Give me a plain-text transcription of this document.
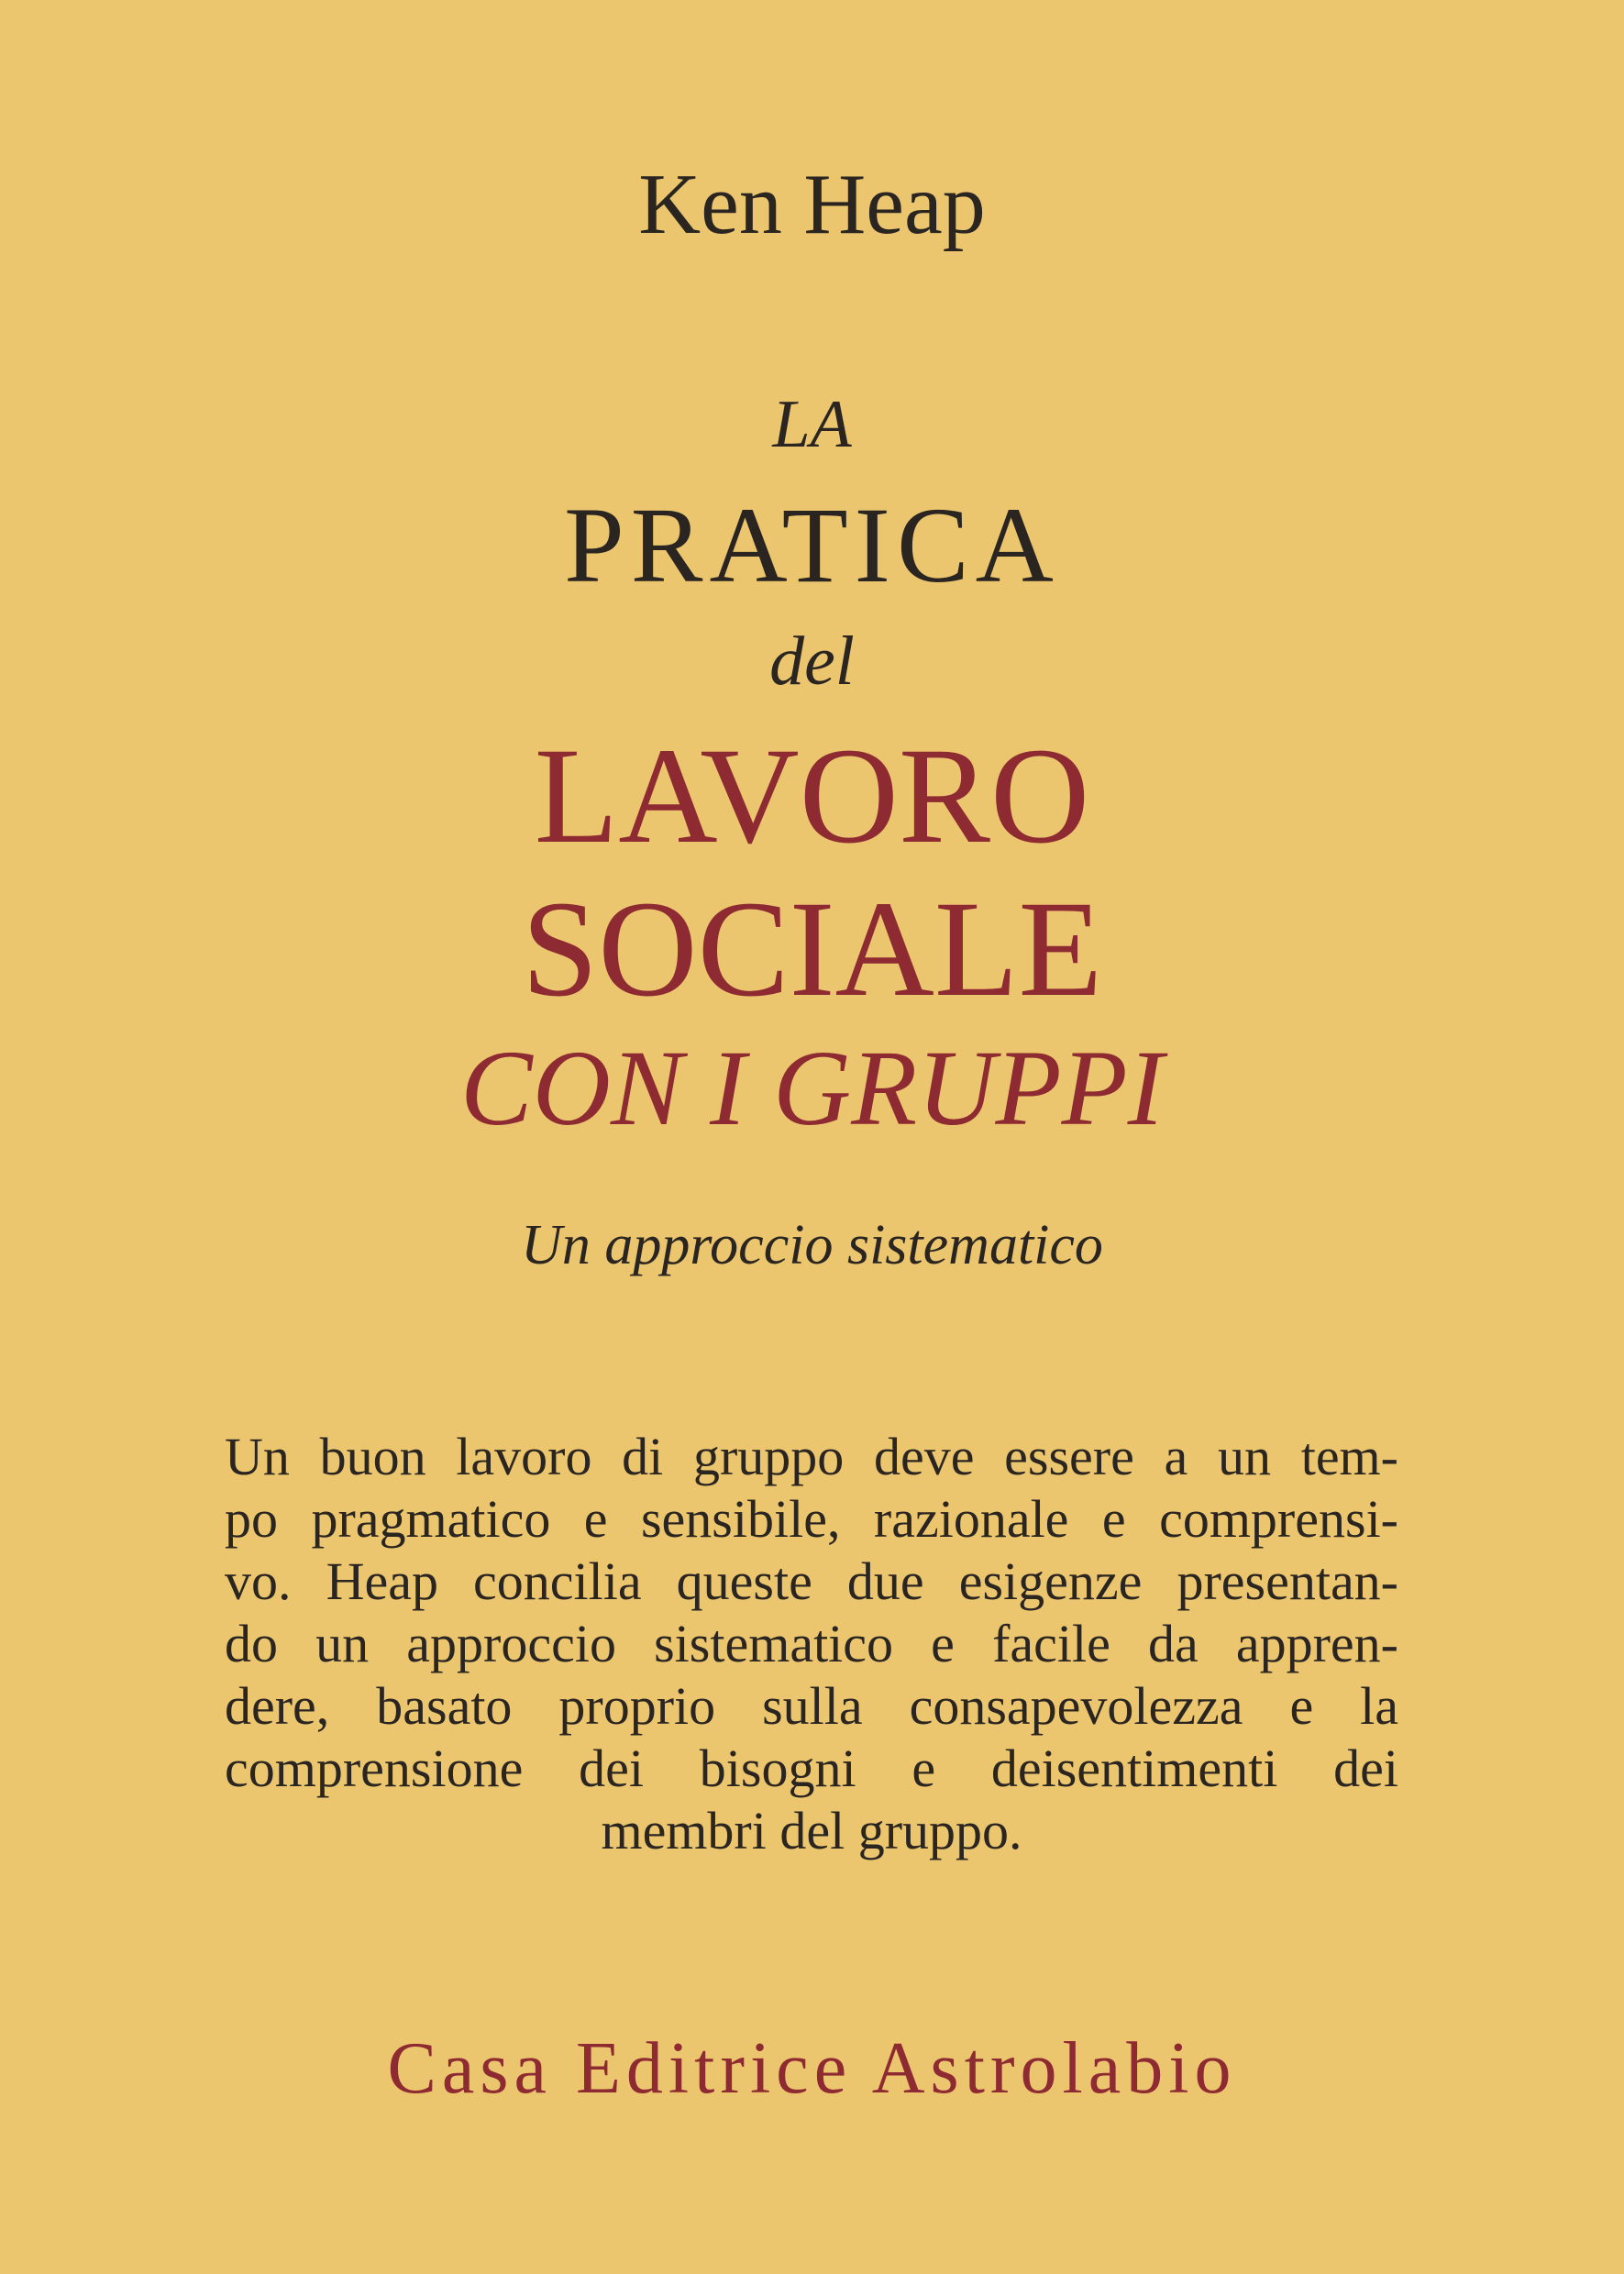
Ken Heap
LA
PRATICA
del
LAVORO
SOCIALE
CON I GRUPPI
Un approccio sistematico

Un buon lavoro di gruppo deve essere a un tem-
po pragmatico e sensibile, razionale e comprensi-
vo. Heap concilia queste due esigenze presentan-
do un approccio sistematico e facile da appren-
dere, basato proprio sulla consapevolezza e la
comprensione dei bisogni e deisentimenti dei
membri del gruppo.

Casa Editrice Astrolabio
